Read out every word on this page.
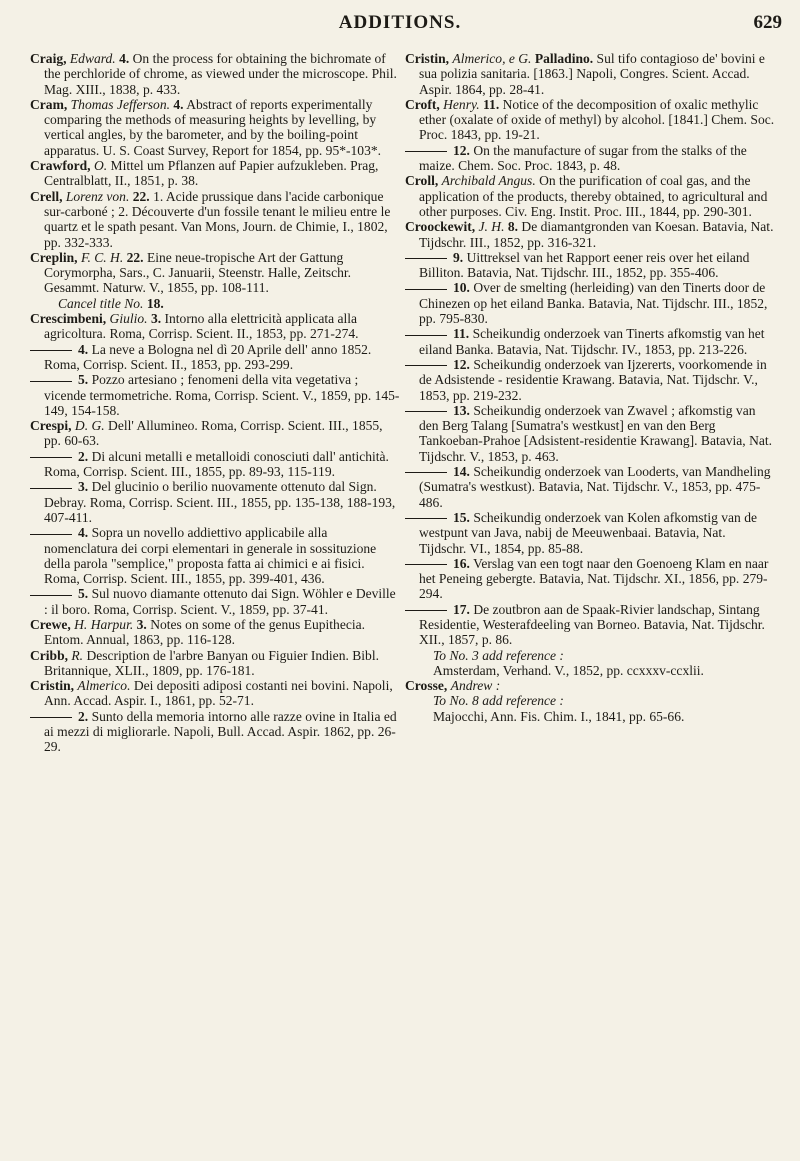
ADDITIONS.	629

Craig, Edward. 4. On the process for obtaining the bichromate of the perchloride of chrome, as viewed under the microscope. Phil. Mag. XIII., 1838, p. 433.

Cram, Thomas Jefferson. 4. Abstract of reports experimentally comparing the methods of measuring heights by levelling, by vertical angles, by the barometer, and by the boiling-point apparatus. U. S. Coast Survey, Report for 1854, pp. 95*-103*.

Crawford, O. Mittel um Pflanzen auf Papier aufzukleben. Prag, Centralblatt, II., 1851, p. 38.

Crell, Lorenz von. 22. 1. Acide prussique dans l'acide carbonique sur-carboné ; 2. Découverte d'un fossile tenant le milieu entre le quartz et le spath pesant. Van Mons, Journ. de Chimie, I., 1802, pp. 332-333.

Creplin, F. C. H. 22. Eine neue-tropische Art der Gattung Corymorpha, Sars., C. Januarii, Steenstr. Halle, Zeitschr. Gesammt. Naturw. V., 1855, pp. 108-111.

Cancel title No. 18.

Crescimbeni, Giulio. 3. Intorno alla elettricità applicata alla agricoltura. Roma, Corrisp. Scient. II., 1853, pp. 271-274.

4. La neve a Bologna nel dì 20 Aprile dell' anno 1852. Roma, Corrisp. Scient. II., 1853, pp. 293-299.

5. Pozzo artesiano ; fenomeni della vita vegetativa ; vicende termometriche. Roma, Corrisp. Scient. V., 1859, pp. 145-149, 154-158.

Crespi, D. G. Dell' Allumineo. Roma, Corrisp. Scient. III., 1855, pp. 60-63.

2. Di alcuni metalli e metalloidi conosciuti dall' antichità. Roma, Corrisp. Scient. III., 1855, pp. 89-93, 115-119.

3. Del glucinio o berilio nuovamente ottenuto dal Sign. Debray. Roma, Corrisp. Scient. III., 1855, pp. 135-138, 188-193, 407-411.

4. Sopra un novello addiettivo applicabile alla nomenclatura dei corpi elementari in generale in sossituzione della parola "semplice," proposta fatta ai chimici e ai fisici. Roma, Corrisp. Scient. III., 1855, pp. 399-401, 436.

5. Sul nuovo diamante ottenuto dai Sign. Wöhler e Deville : il boro. Roma, Corrisp. Scient. V., 1859, pp. 37-41.

Crewe, H. Harpur. 3. Notes on some of the genus Eupithecia. Entom. Annual, 1863, pp. 116-128.

Cribb, R. Description de l'arbre Banyan ou Figuier Indien. Bibl. Britannique, XLII., 1809, pp. 176-181.

Cristin, Almerico. Dei depositi adiposi costanti nei bovini. Napoli, Ann. Accad. Aspir. I., 1861, pp. 52-71.

2. Sunto della memoria intorno alle razze ovine in Italia ed ai mezzi di migliorarle. Napoli, Bull. Accad. Aspir. 1862, pp. 26-29.

Cristin, Almerico, e G. Palladino. Sul tifo contagioso de' bovini e sua polizia sanitaria. [1863.] Napoli, Congres. Scient. Accad. Aspir. 1864, pp. 28-41.

Croft, Henry. 11. Notice of the decomposition of oxalic methylic ether (oxalate of oxide of methyl) by alcohol. [1841.] Chem. Soc. Proc. 1843, pp. 19-21.

12. On the manufacture of sugar from the stalks of the maize. Chem. Soc. Proc. 1843, p. 48.

Croll, Archibald Angus. On the purification of coal gas, and the application of the products, thereby obtained, to agricultural and other purposes. Civ. Eng. Instit. Proc. III., 1844, pp. 290-301.

Croockewit, J. H. 8. De diamantgronden van Koesan. Batavia, Nat. Tijdschr. III., 1852, pp. 316-321.

9. Uittreksel van het Rapport eener reis over het eiland Billiton. Batavia, Nat. Tijdschr. III., 1852, pp. 355-406.

10. Over de smelting (herleiding) van den Tinerts door de Chinezen op het eiland Banka. Batavia, Nat. Tijdschr. III., 1852, pp. 795-830.

11. Scheikundig onderzoek van Tinerts afkomstig van het eiland Banka. Batavia, Nat. Tijdschr. IV., 1853, pp. 213-226.

12. Scheikundig onderzoek van Ijzererts, voorkomende in de Adsistende - residentie Krawang. Batavia, Nat. Tijdschr. V., 1853, pp. 219-232.

13. Scheikundig onderzoek van Zwavel ; afkomstig van den Berg Talang [Sumatra's westkust] en van den Berg Tankoeban-Prahoe [Adsistent-residentie Krawang]. Batavia, Nat. Tijdschr. V., 1853, p. 463.

14. Scheikundig onderzoek van Looderts, van Mandheling (Sumatra's westkust). Batavia, Nat. Tijdschr. V., 1853, pp. 475-486.

15. Scheikundig onderzoek van Kolen afkomstig van de westpunt van Java, nabij de Meeuwenbaai. Batavia, Nat. Tijdschr. VI., 1854, pp. 85-88.

16. Verslag van een togt naar den Goenoeng Klam en naar het Peneing gebergte. Batavia, Nat. Tijdschr. XI., 1856, pp. 279-294.

17. De zoutbron aan de Spaak-Rivier landschap, Sintang Residentie, Westerafdeeling van Borneo. Batavia, Nat. Tijdschr. XII., 1857, p. 86.

To No. 3 add reference :
Amsterdam, Verhand. V., 1852, pp. ccxxxv-ccxlii.

Crosse, Andrew :

To No. 8 add reference :
Majocchi, Ann. Fis. Chim. I., 1841, pp. 65-66.
